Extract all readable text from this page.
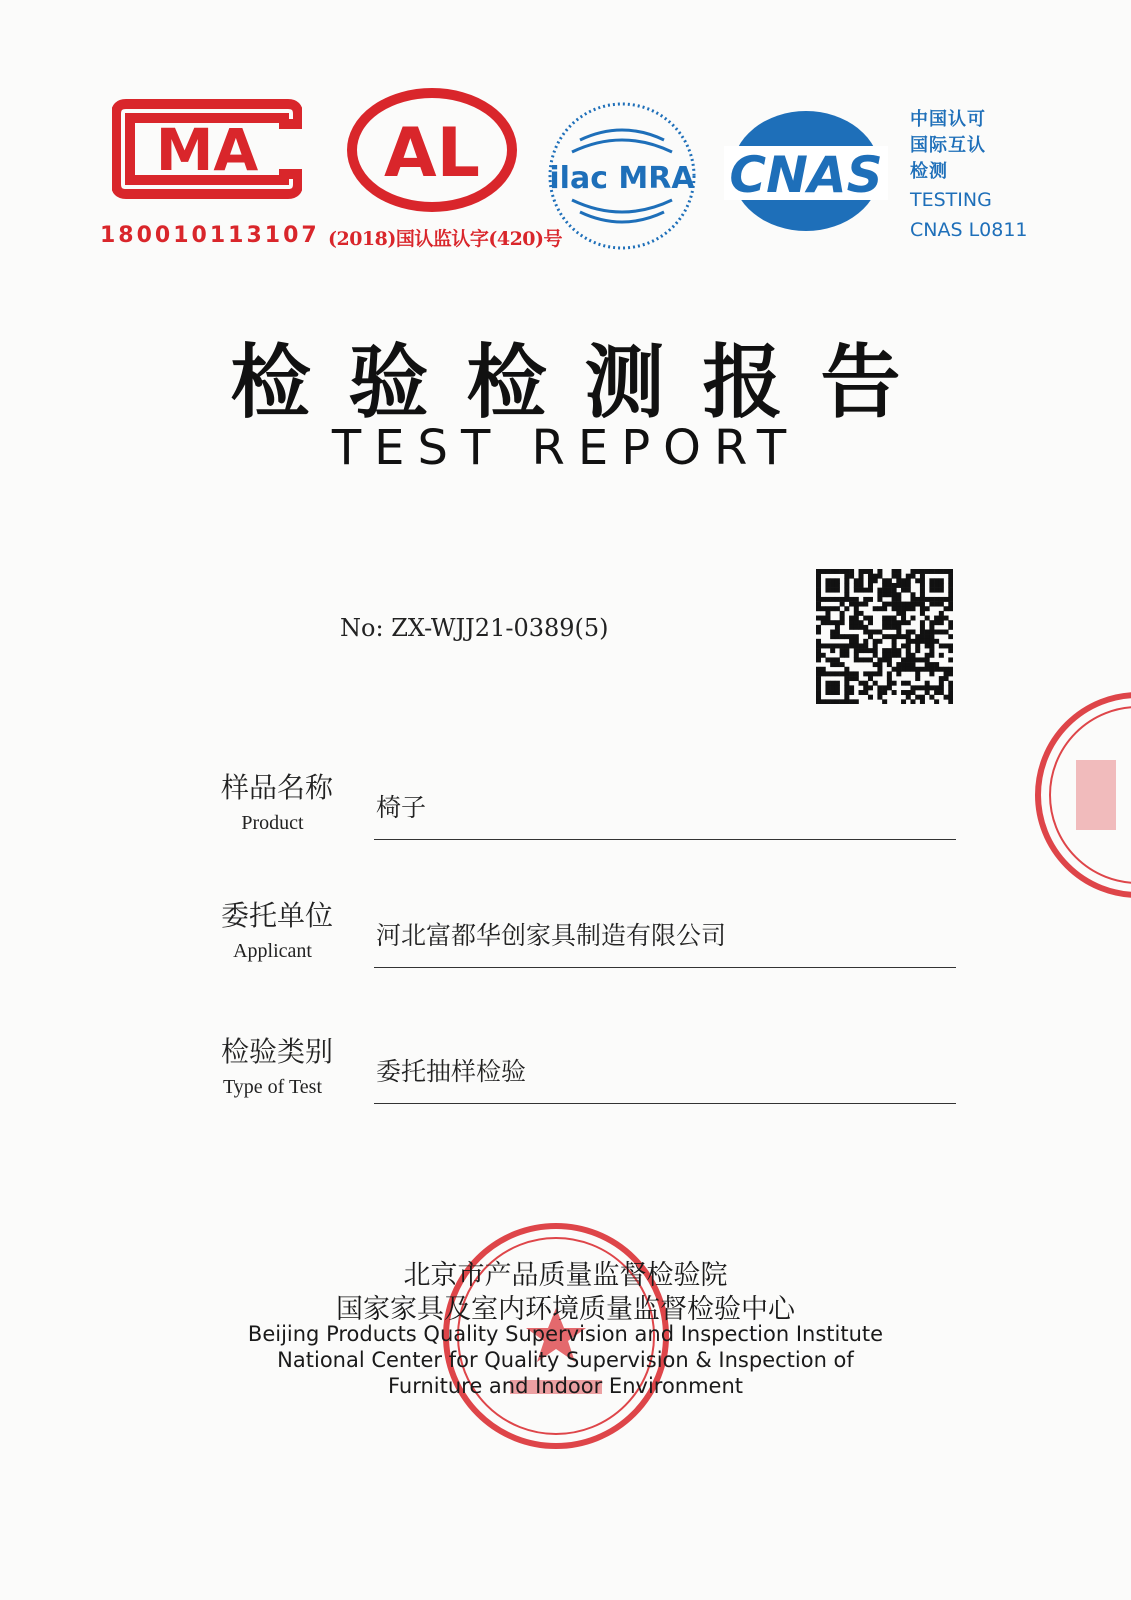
MA
180010113107
AL
(2018)国认监认字(420)号
ilac MRA CNAS
中国认可
国际互认
检测
TESTING
CNAS L0811
检验检测报告
TEST REPORT
No: ZX-WJJ21-0389(5)
样品名称
Product
椅子
委托单位
Applicant
河北富都华创家具制造有限公司
检验类别
Type of Test
委托抽样检验
北京市产品质量监督检验院
国家家具及室内环境质量监督检验中心
Beijing Products Quality Supervision and Inspection Institute
National Center for Quality Supervision & Inspection of
Furniture and Indoor Environment
